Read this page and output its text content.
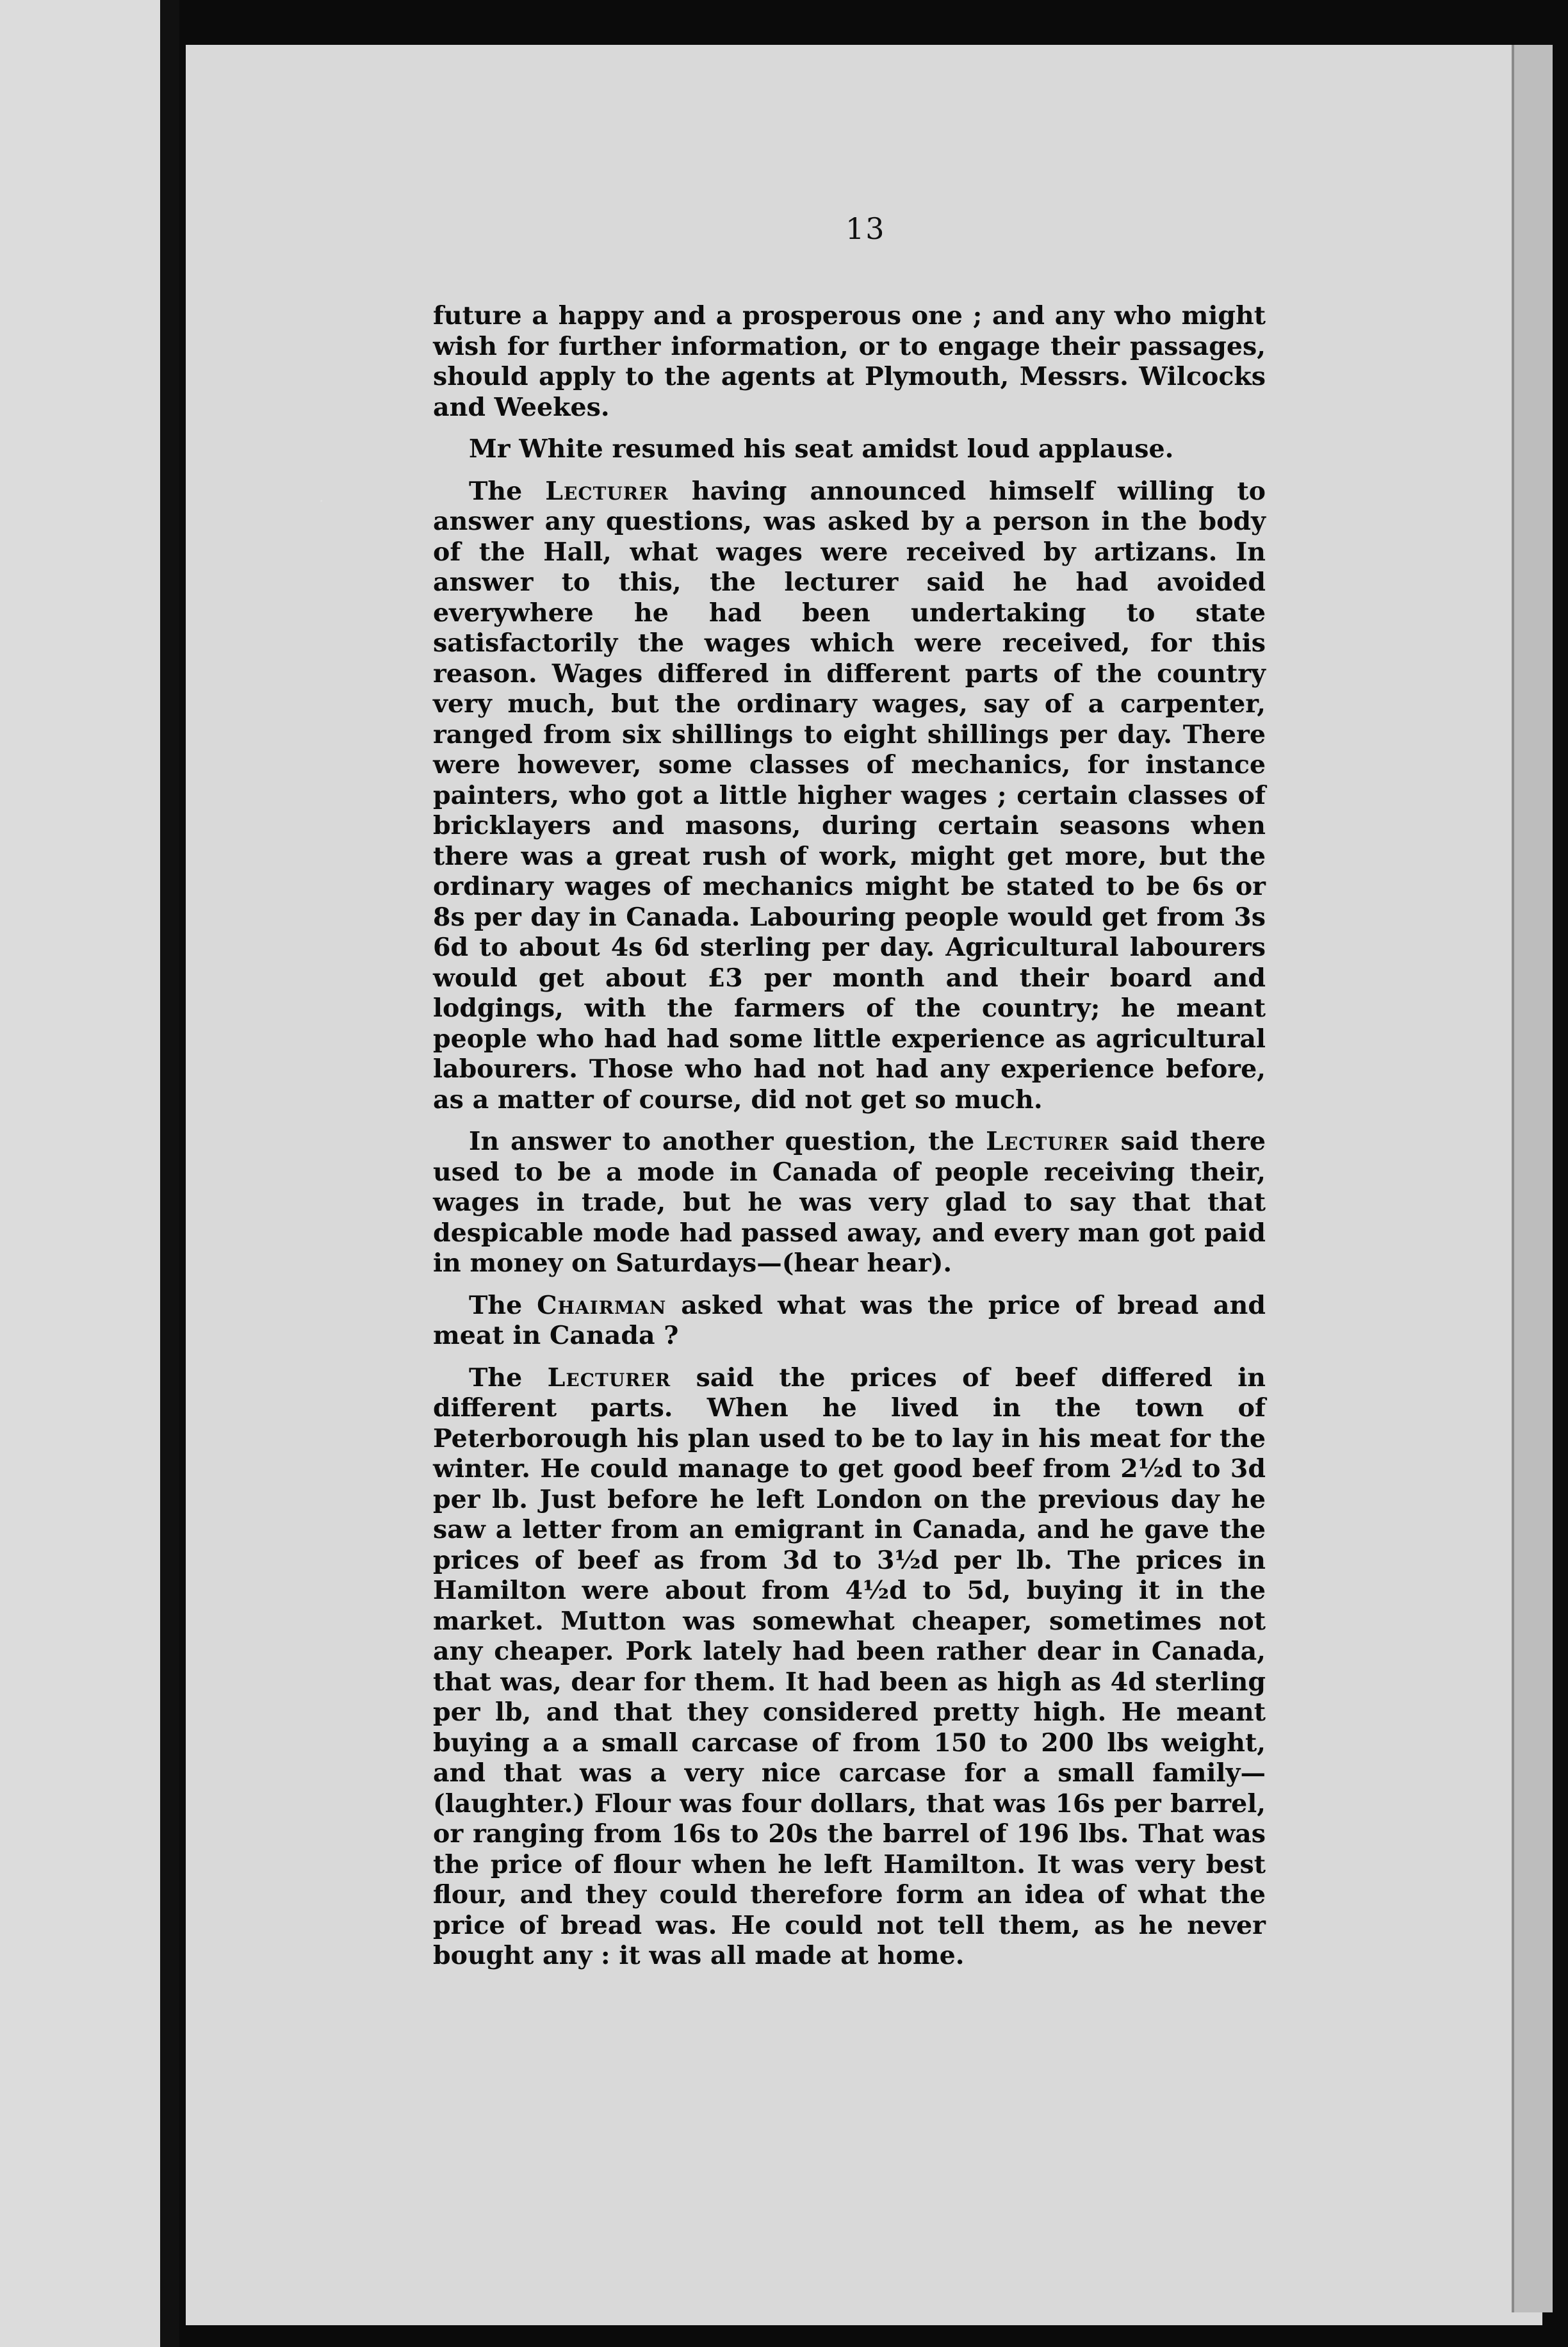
13

future a happy and a prosperous one ; and any who might wish for further information, or to engage their passages, should apply to the agents at Plymouth, Messrs. Wilcocks and Weekes.

Mr White resumed his seat amidst loud applause.

The Lecturer having announced himself willing to answer any questions, was asked by a person in the body of the Hall, what wages were received by artizans. In answer to this, the lecturer said he had avoided everywhere he had been undertaking to state satisfactorily the wages which were received, for this reason. Wages differed in different parts of the country very much, but the ordinary wages, say of a carpenter, ranged from six shillings to eight shillings per day. There were however, some classes of mechanics, for instance painters, who got a little higher wages ; certain classes of bricklayers and masons, during certain seasons when there was a great rush of work, might get more, but the ordinary wages of mechanics might be stated to be 6s or 8s per day in Canada. Labouring people would get from 3s 6d to about 4s 6d sterling per day. Agricultural labourers would get about £3 per month and their board and lodgings, with the farmers of the country; he meant people who had had some little experience as agricultural labourers. Those who had not had any experience before, as a matter of course, did not get so much.

In answer to another question, the Lecturer said there used to be a mode in Canada of people receiving their, wages in trade, but he was very glad to say that that despicable mode had passed away, and every man got paid in money on Saturdays—(hear hear).

The Chairman asked what was the price of bread and meat in Canada ?

The Lecturer said the prices of beef differed in different parts. When he lived in the town of Peterborough his plan used to be to lay in his meat for the winter. He could manage to get good beef from 2½d to 3d per lb. Just before he left London on the previous day he saw a letter from an emigrant in Canada, and he gave the prices of beef as from 3d to 3½d per lb. The prices in Hamilton were about from 4½d to 5d, buying it in the market. Mutton was somewhat cheaper, sometimes not any cheaper. Pork lately had been rather dear in Canada, that was, dear for them. It had been as high as 4d sterling per lb, and that they considered pretty high. He meant buying a a small carcase of from 150 to 200 lbs weight, and that was a very nice carcase for a small family—(laughter.) Flour was four dollars, that was 16s per barrel, or ranging from 16s to 20s the barrel of 196 lbs. That was the price of flour when he left Hamilton. It was very best flour, and they could therefore form an idea of what the price of bread was. He could not tell them, as he never bought any : it was all made at home.
